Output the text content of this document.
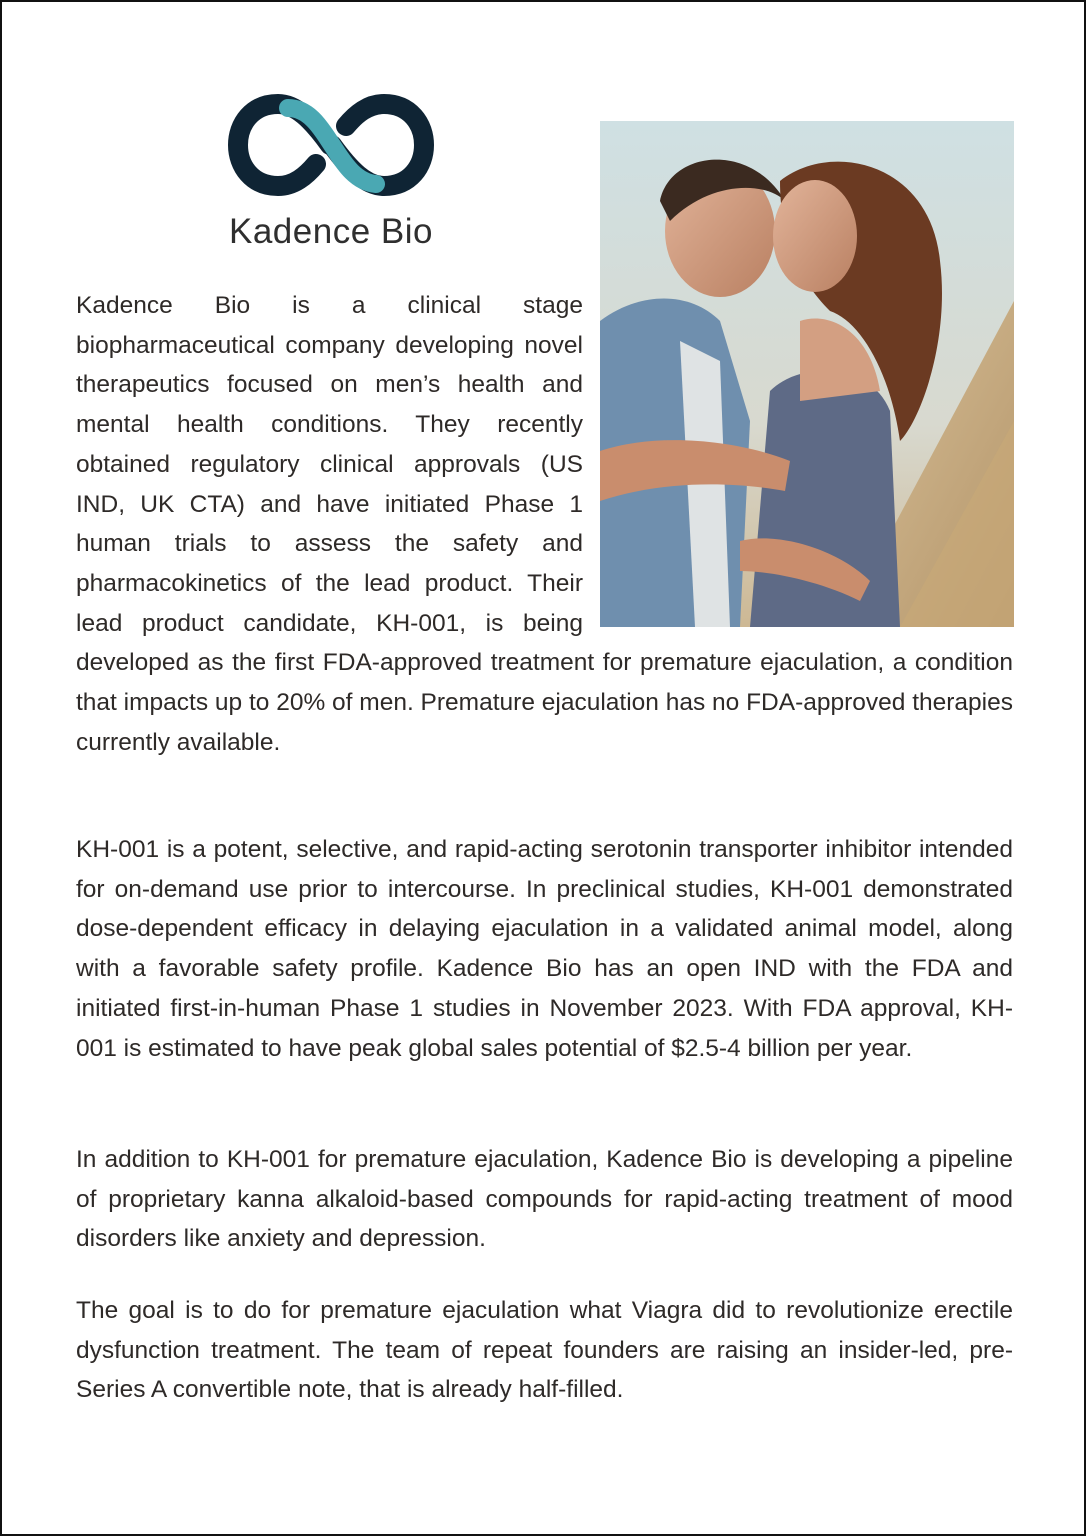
Kadence Bio

Kadence Bio is a clinical stage biopharmaceutical company developing novel therapeutics focused on men’s health and mental health conditions. They recently obtained regulatory clinical approvals (US IND, UK CTA) and have initiated Phase 1 human trials to assess the safety and pharmacokinetics of the lead product. Their lead product candidate, KH-001, is being developed as the first FDA-approved treatment for premature ejaculation, a condition that impacts up to 20% of men. Premature ejaculation has no FDA-approved therapies currently available.

KH-001 is a potent, selective, and rapid-acting serotonin transporter inhibitor intended for on-demand use prior to intercourse. In preclinical studies, KH-001 demonstrated dose-dependent efficacy in delaying ejaculation in a validated animal model, along with a favorable safety profile. Kadence Bio has an open IND with the FDA and initiated first-in-human Phase 1 studies in November 2023. With FDA approval, KH-001 is estimated to have peak global sales potential of $2.5-4 billion per year.

In addition to KH-001 for premature ejaculation, Kadence Bio is developing a pipeline of proprietary kanna alkaloid-based compounds for rapid-acting treatment of mood disorders like anxiety and depression.

The goal is to do for premature ejaculation what Viagra did to revolutionize erectile dysfunction treatment. The team of repeat founders are raising an insider-led, pre-Series A convertible note, that is already half-filled.
